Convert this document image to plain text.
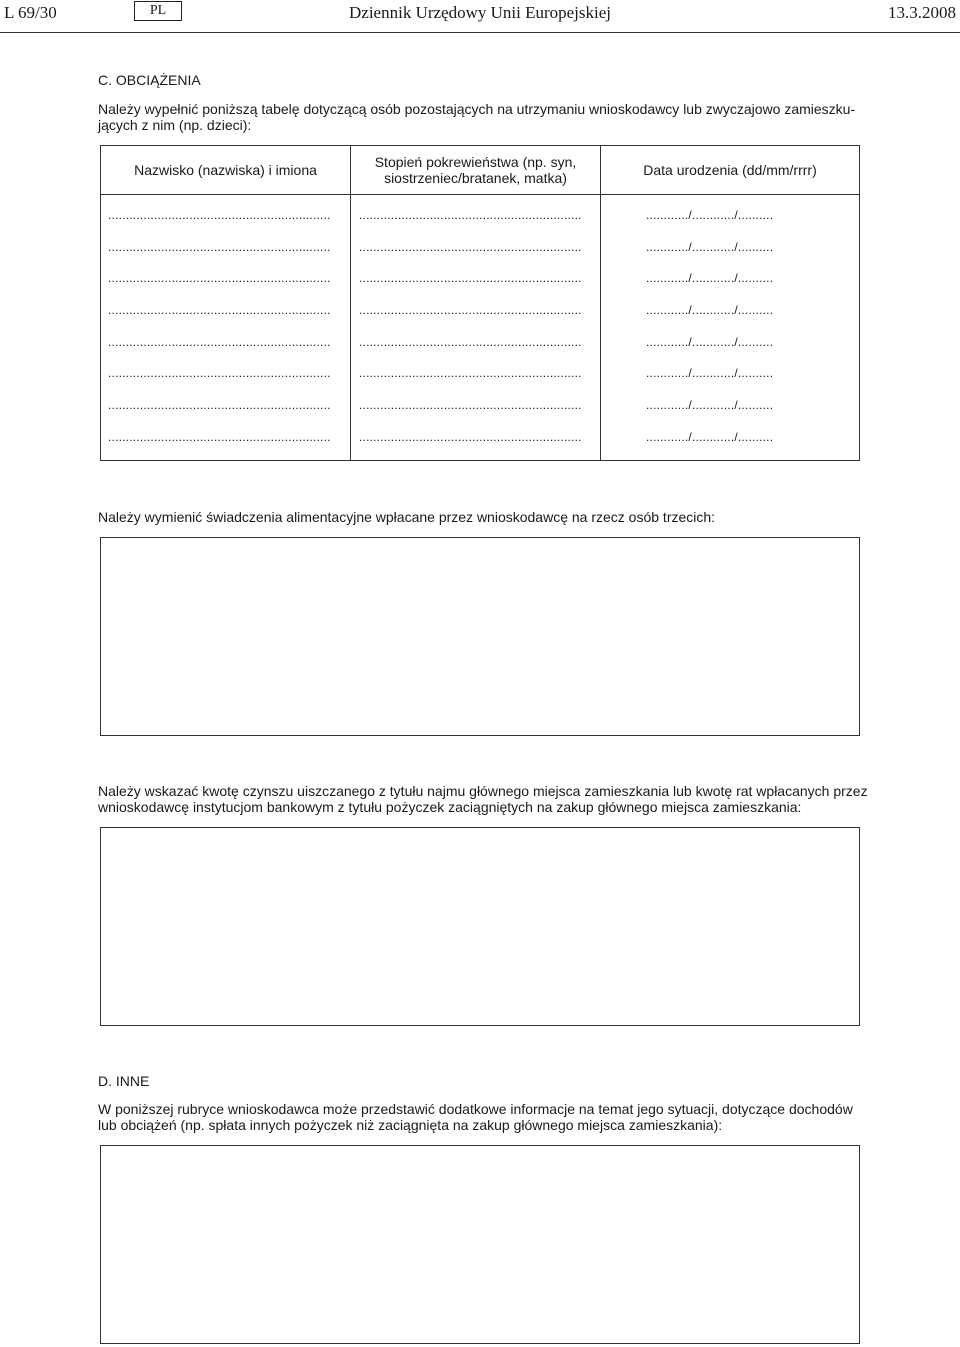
L 69/30	PL	Dziennik Urzędowy Unii Europejskiej	13.3.2008
C. OBCIĄŻENIA
Należy wypełnić poniższą tabelę dotyczącą osób pozostających na utrzymaniu wnioskodawcy lub zwyczajowo zamieszku-jących z nim (np. dzieci):
Nazwisko (nazwiska) i imiona	Stopień pokrewieństwa (np. syn, siostrzeniec/bratanek, matka)	Data urodzenia (dd/mm/rrrr)
...............................................................	...............................................................	............/............/..........
...............................................................	...............................................................	............/............/..........
...............................................................	...............................................................	............/............/..........
...............................................................	...............................................................	............/............/..........
...............................................................	...............................................................	............/............/..........
...............................................................	...............................................................	............/............/..........
...............................................................	...............................................................	............/............/..........
...............................................................	...............................................................	............/............/..........
Należy wymienić świadczenia alimentacyjne wpłacane przez wnioskodawcę na rzecz osób trzecich:
Należy wskazać kwotę czynszu uiszczanego z tytułu najmu głównego miejsca zamieszkania lub kwotę rat wpłacanych przez wnioskodawcę instytucjom bankowym z tytułu pożyczek zaciągniętych na zakup głównego miejsca zamieszkania:
D. INNE
W poniższej rubryce wnioskodawca może przedstawić dodatkowe informacje na temat jego sytuacji, dotyczące dochodów lub obciążeń (np. spłata innych pożyczek niż zaciągnięta na zakup głównego miejsca zamieszkania):
